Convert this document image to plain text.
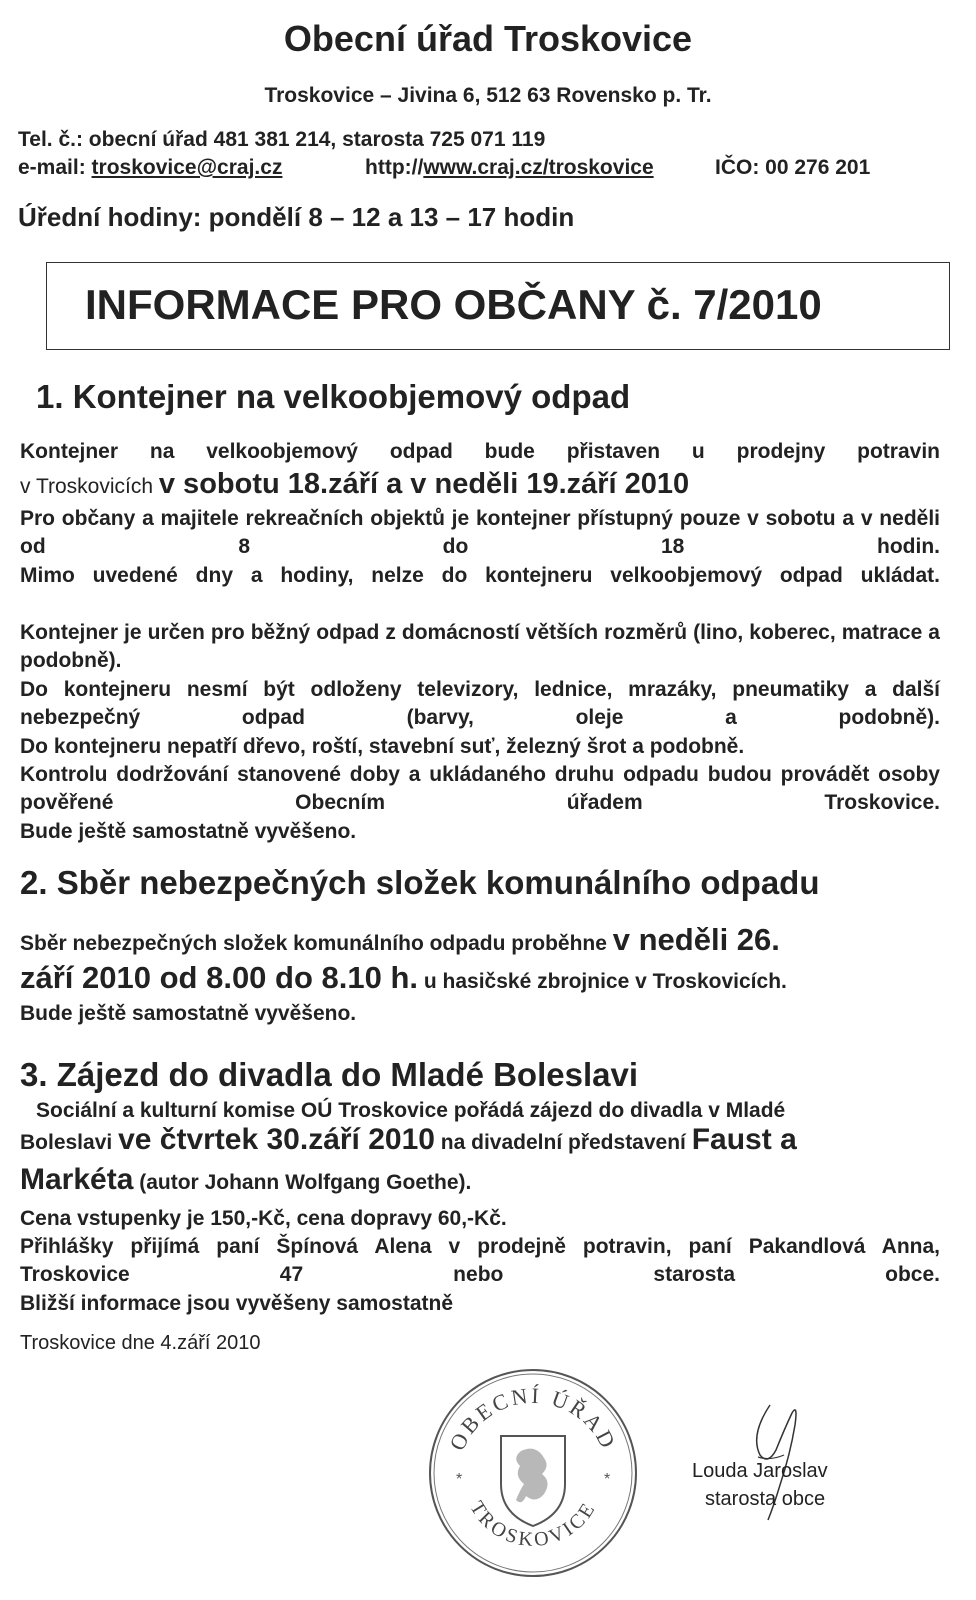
Obecní úřad Troskovice
Troskovice – Jivina 6, 512 63 Rovensko p. Tr.
Tel. č.: obecní úřad 481 381 214, starosta 725 071 119
e-mail: troskovice@craj.cz	http://www.craj.cz/troskovice	IČO: 00 276 201
Úřední hodiny: pondělí 8 – 12 a 13 – 17 hodin
INFORMACE PRO OBČANY č. 7/2010
1. Kontejner na velkoobjemový odpad
Kontejner na velkoobjemový odpad bude přistaven u prodejny potravin
v Troskovicích v sobotu 18.září a v neděli 19.září 2010
Pro občany a majitele rekreačních objektů je kontejner přístupný pouze v sobotu a v neděli od 8 do 18 hodin.
Mimo uvedené dny a hodiny, nelze do kontejneru velkoobjemový odpad ukládat.
Kontejner je určen pro běžný odpad z domácností větších rozměrů (lino, koberec, matrace a podobně).
Do kontejneru nesmí být odloženy televizory, lednice, mrazáky, pneumatiky a další nebezpečný odpad (barvy, oleje a podobně).
Do kontejneru nepatří dřevo, roští, stavební suť, železný šrot a podobně.
Kontrolu dodržování stanovené doby a ukládaného druhu odpadu budou provádět osoby pověřené Obecním úřadem Troskovice.
Bude ještě samostatně vyvěšeno.
2. Sběr nebezpečných složek komunálního odpadu
Sběr nebezpečných složek komunálního odpadu proběhne v neděli 26.
září 2010 od 8.00 do 8.10 h. u hasičské zbrojnice v Troskovicích.
Bude ještě samostatně vyvěšeno.
3. Zájezd do divadla do Mladé Boleslavi
Sociální a kulturní komise OÚ Troskovice pořádá zájezd do divadla v Mladé
Boleslavi ve čtvrtek 30.září 2010 na divadelní představení Faust a
Markéta (autor Johann Wolfgang Goethe).
Cena vstupenky je 150,-Kč, cena dopravy 60,-Kč.
Přihlášky přijímá paní Špínová Alena v prodejně potravin, paní Pakandlová Anna, Troskovice 47 nebo starosta obce.
Bližší informace jsou vyvěšeny samostatně
Troskovice dne 4.září 2010
OBECNÍ ÚŘAD
TROSKOVICE
*	*	Louda Jaroslav
starosta obce
